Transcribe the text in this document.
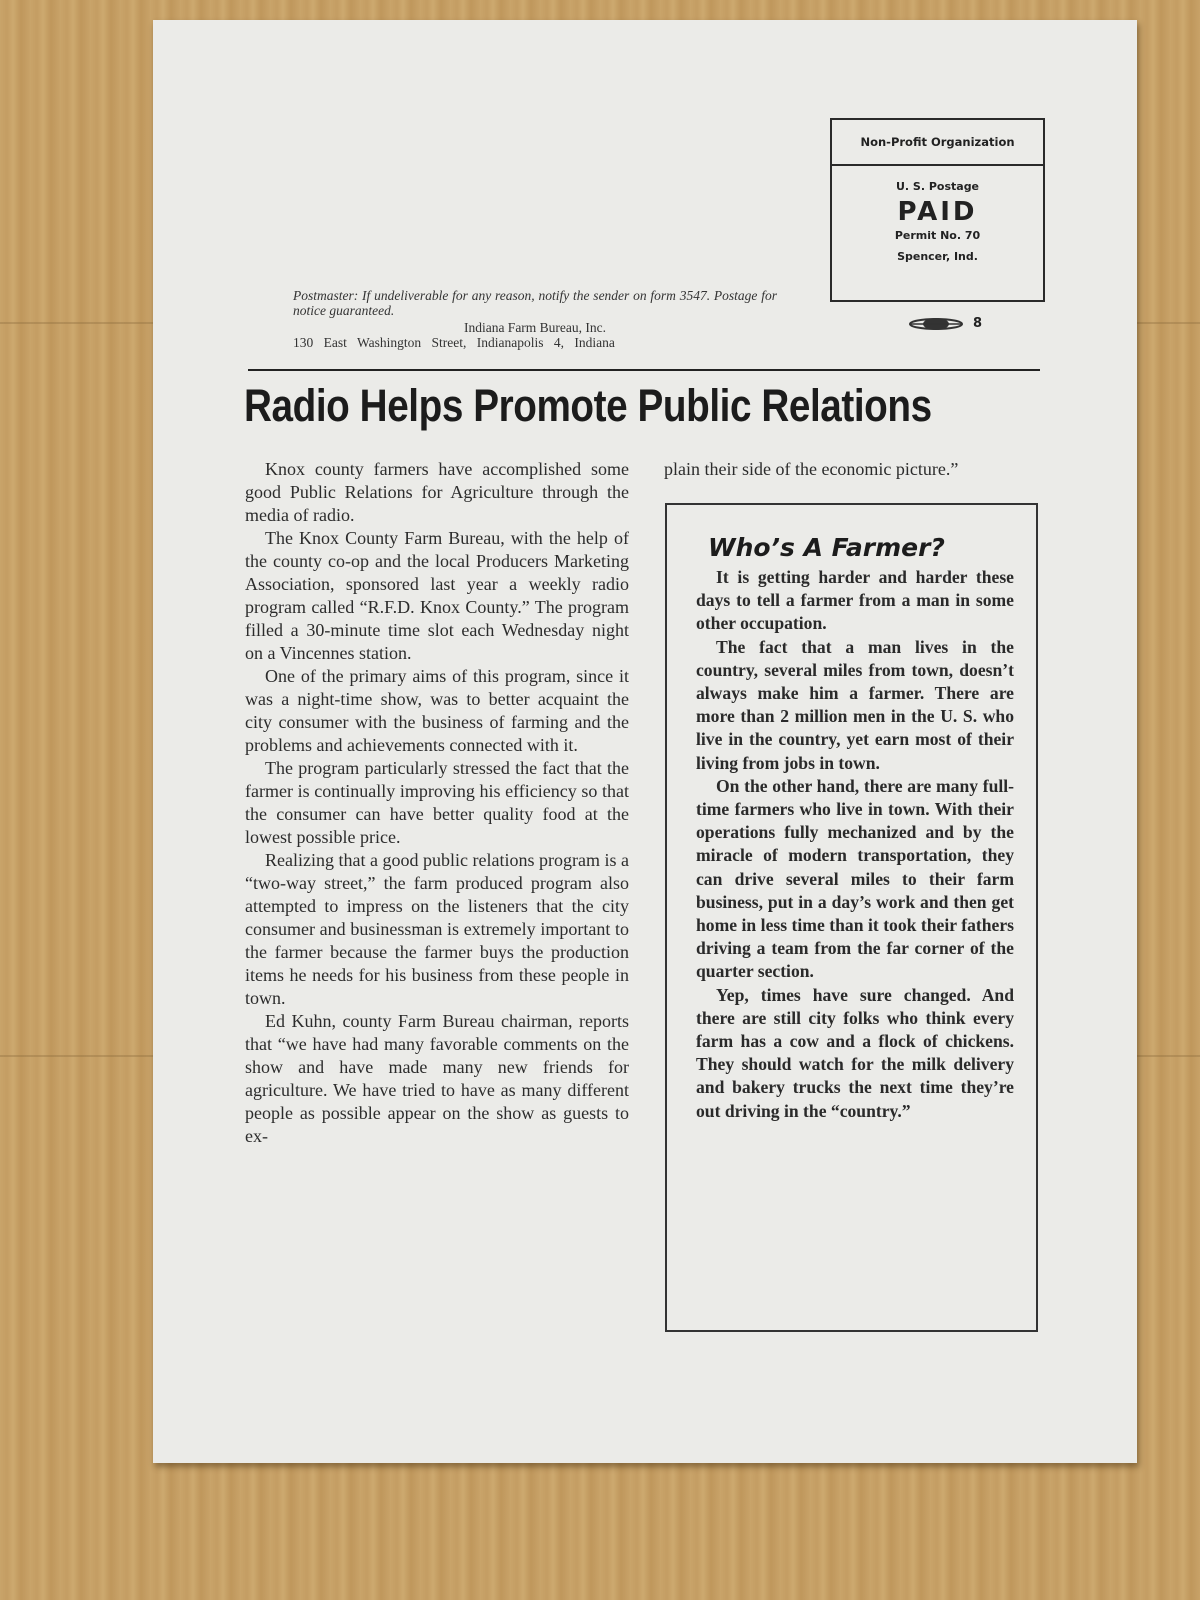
Non-Profit Organization
U. S. Postage
PAID
Permit No. 70
Spencer, Ind.
8
Postmaster: If undeliverable for any reason, notify the sender on form 3547. Postage for notice guaranteed.
Indiana Farm Bureau, Inc.
130 East Washington Street, Indianapolis 4, Indiana
Radio Helps Promote Public Relations

Knox county farmers have accomplished some good Public Relations for Agriculture through the media of radio.

The Knox County Farm Bureau, with the help of the county co-op and the local Producers Marketing Association, sponsored last year a weekly radio program called “R.F.D. Knox County.” The program filled a 30-minute time slot each Wednesday night on a Vincennes station.

One of the primary aims of this program, since it was a night-time show, was to better acquaint the city consumer with the business of farming and the problems and achievements connected with it.

The program particularly stressed the fact that the farmer is continually improving his efficiency so that the consumer can have better quality food at the lowest possible price.

Realizing that a good public relations program is a “two-way street,” the farm produced program also attempted to impress on the listeners that the city consumer and businessman is extremely important to the farmer because the farmer buys the production items he needs for his business from these people in town.

Ed Kuhn, county Farm Bureau chairman, reports that “we have had many favorable comments on the show and have made many new friends for agriculture. We have tried to have as many different people as possible appear on the show as guests to ex-

plain their side of the economic picture.”

Who’s A Farmer?

It is getting harder and harder these days to tell a farmer from a man in some other occupation.

The fact that a man lives in the country, several miles from town, doesn’t always make him a farmer. There are more than 2 million men in the U. S. who live in the country, yet earn most of their living from jobs in town.

On the other hand, there are many full-time farmers who live in town. With their operations fully mechanized and by the miracle of modern transportation, they can drive several miles to their farm business, put in a day’s work and then get home in less time than it took their fathers driving a team from the far corner of the quarter section.

Yep, times have sure changed. And there are still city folks who think every farm has a cow and a flock of chickens. They should watch for the milk delivery and bakery trucks the next time they’re out driving in the “country.”
